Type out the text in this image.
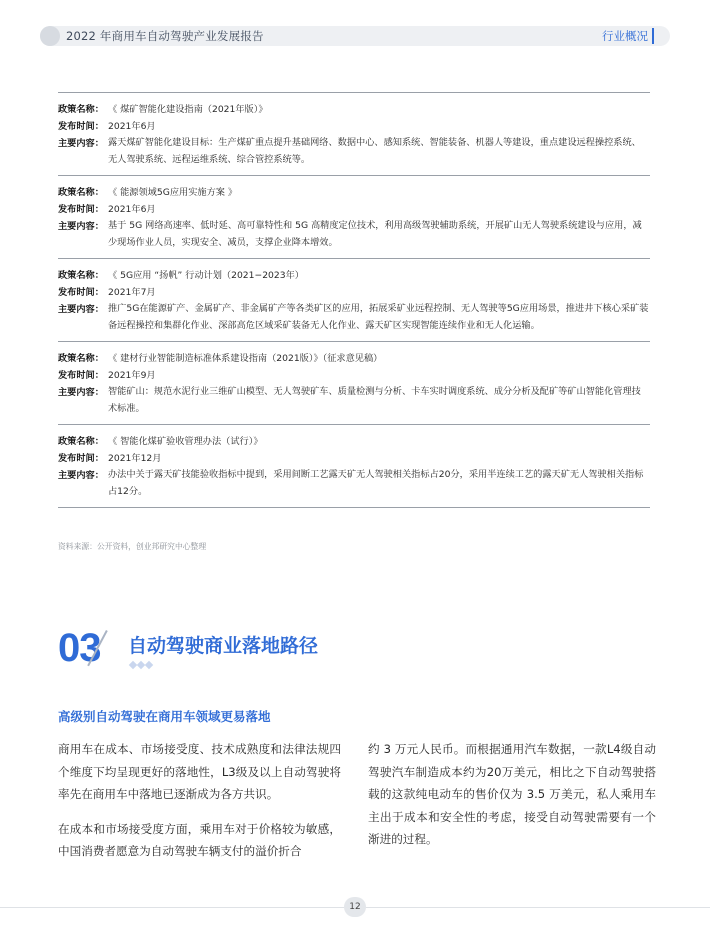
2022 年商用车自动驾驶产业发展报告	行业概况
政策名称： 《 煤矿智能化建设指南（2021年版）》
发布时间： 2021年6月
主要内容： 露天煤矿智能化建设目标：生产煤矿重点提升基础网络、数据中心、感知系统、智能装备、机器人等建设，重点建设远程操控系统、无人驾驶系统、远程运维系统、综合管控系统等。
政策名称： 《 能源领域5G应用实施方案 》
发布时间： 2021年6月
主要内容： 基于 5G 网络高速率、低时延、高可靠特性和 5G 高精度定位技术，利用高级驾驶辅助系统，开展矿山无人驾驶系统建设与应用，减少现场作业人员，实现安全、减员，支撑企业降本增效。
政策名称： 《 5G应用 “扬帆” 行动计划（2021−2023年）
发布时间： 2021年7月
主要内容： 推广5G在能源矿产、金属矿产、非金属矿产等各类矿区的应用，拓展采矿业远程控制、无人驾驶等5G应用场景，推进井下核心采矿装备远程操控和集群化作业、深部高危区域采矿装备无人化作业、露天矿区实现智能连续作业和无人化运输。
政策名称： 《 建材行业智能制造标准体系建设指南（2021版）》（征求意见稿）
发布时间： 2021年9月
主要内容： 智能矿山：规范水泥行业三维矿山模型、无人驾驶矿车、质量检测与分析、卡车实时调度系统、成分分析及配矿等矿山智能化管理技术标准。
政策名称： 《 智能化煤矿验收管理办法（试行）》
发布时间： 2021年12月
主要内容： 办法中关于露天矿技能验收指标中提到，采用间断工艺露天矿无人驾驶相关指标占20分，采用半连续工艺的露天矿无人驾驶相关指标占12分。
资料来源：公开资料，创业邦研究中心整理
03 自动驾驶商业落地路径
高级别自动驾驶在商用车领域更易落地

商用车在成本、市场接受度、技术成熟度和法律法规四个维度下均呈现更好的落地性，L3级及以上自动驾驶将率先在商用车中落地已逐渐成为各方共识。

在成本和市场接受度方面，乘用车对于价格较为敏感，中国消费者愿意为自动驾驶车辆支付的溢价折合

约 3 万元人民币。而根据通用汽车数据，一款L4级自动驾驶汽车制造成本约为20万美元，相比之下自动驾驶搭载的这款纯电动车的售价仅为 3.5 万美元，私人乘用车主出于成本和安全性的考虑，接受自动驾驶需要有一个渐进的过程。

12
